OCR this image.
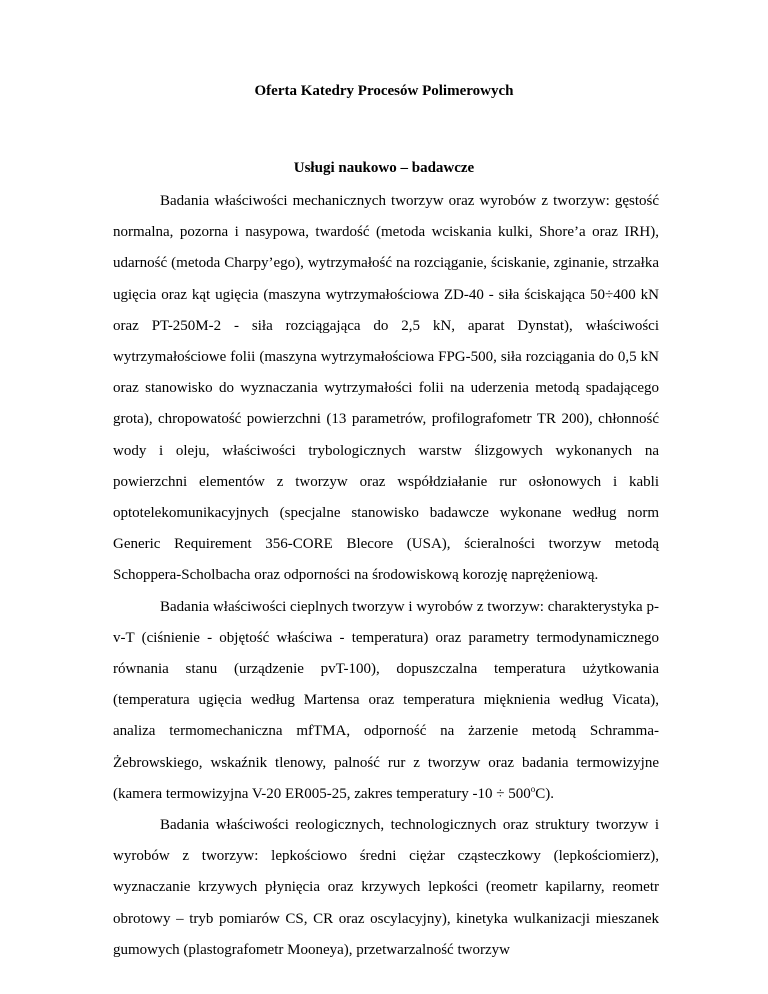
Oferta Katedry Procesów Polimerowych
Usługi naukowo – badawcze

Badania właściwości mechanicznych tworzyw oraz wyrobów z tworzyw: gęstość normalna, pozorna i nasypowa, twardość (metoda wciskania kulki, Shore’a oraz IRH), udarność (metoda Charpy’ego), wytrzymałość na rozciąganie, ściskanie, zginanie, strzałka ugięcia oraz kąt ugięcia (maszyna wytrzymałościowa ZD-40 - siła ściskająca 50÷400 kN oraz PT-250M-2 - siła rozciągająca do 2,5 kN, aparat Dynstat), właściwości wytrzymałościowe folii (maszyna wytrzymałościowa FPG-500, siła rozciągania do 0,5 kN oraz stanowisko do wyznaczania wytrzymałości folii na uderzenia metodą spadającego grota), chropowatość powierzchni (13 parametrów, profilografometr TR 200), chłonność wody i oleju, właściwości trybologicznych warstw ślizgowych wykonanych na powierzchni elementów z tworzyw oraz współdziałanie rur osłonowych i kabli optotelekomunikacyjnych (specjalne stanowisko badawcze wykonane według norm Generic Requirement 356-CORE Blecore (USA), ścieralności tworzyw metodą Schoppera-Scholbacha oraz odporności na środowiskową korozję naprężeniową.

Badania właściwości cieplnych tworzyw i wyrobów z tworzyw: charakterystyka p-v-T (ciśnienie - objętość właściwa - temperatura) oraz parametry termodynamicznego równania stanu (urządzenie pvT-100), dopuszczalna temperatura użytkowania (temperatura ugięcia według Martensa oraz temperatura mięknienia według Vicata), analiza termomechaniczna mfTMA, odporność na żarzenie metodą Schramma-Żebrowskiego, wskaźnik tlenowy, palność rur z tworzyw oraz badania termowizyjne (kamera termowizyjna V-20 ER005-25, zakres temperatury $-10 \div 500^oC$).

Badania właściwości reologicznych, technologicznych oraz struktury tworzyw i wyrobów z tworzyw: lepkościowo średni ciężar cząsteczkowy (lepkościomierz), wyznaczanie krzywych płynięcia oraz krzywych lepkości (reometr kapilarny, reometr obrotowy – tryb pomiarów CS, CR oraz oscylacyjny), kinetyka wulkanizacji mieszanek gumowych (plastografometr Mooneya), przetwarzalność tworzyw
